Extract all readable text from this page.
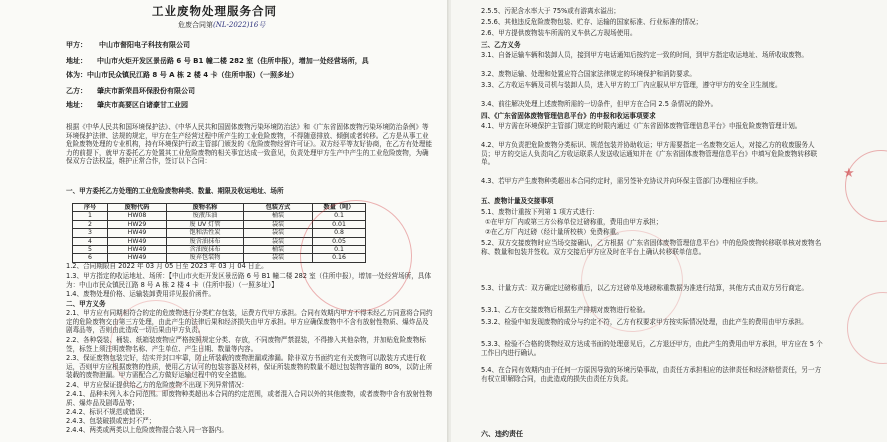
工业废物处理服务合同
危废合同第(NL-2022)16号
甲方： 中山市督阳电子科技有限公司
地址： 中山市火炬开发区景岳路 6 号 B1 幢二楼 282 室（住所申报），增加一处经营场所，具
体为：中山市民众镇民江路 8 号 A 栋 2 楼 4 卡（住所申报）（一照多址）
乙方： 肇庆市新荣昌环保股份有限公司
地址： 肇庆市高要区白诸豪甘工业园
根据《中华人民共和国环境保护法》、《中华人民共和国固体废物污染环境防治法》和《广东省固体废物污染环境防治条例》等环境保护法律、法规的规定，甲方在生产经营过程中所产生的工业危险废物，不得随意排放、倾倒或者转移。乙方是从事工业危险废物处理的专业机构，持有环境保护行政主管部门颁发的《危险废物经营许可证》。双方经平等友好协商，在乙方有处理能力的前提下，就甲方委托乙方处置其工业危险废物的相关事宜达成一致意见，负责处理甲方生产中产生的工业危险废物，为确保双方合法权益，维护正常合作，签订以下合同：
一、甲方委托乙方处理的工业危险废物种类、数量、期限及收运地址、场所
序号	废物代码	废物名称	包装方式	数量（吨）
1	HW08	废液压油	桶装	0.1
2	HW29	废 UV 灯管	袋装	0.01
3	HW49	饱和活性炭	袋装	0.8
4	HW49	废含油抹布	袋装	0.05
5	HW49	含油废抹布	桶装	0.1
6	HW49	废弃包装物	袋装	0.16
1.2、合同期限自 2022 年 03 月 05 日至 2023 年 03 月 04 日止。
1.3、甲方指定的收运地址、场所：【中山市火炬开发区景岳路 6 号 B1 幢二楼 282 室（住所申报），增加一处经营场所，具体为：中山市民众镇民江路 8 号 A 栋 2 楼 4 卡（住所申报）（一照多址）】
1.4、废物处理价格、运输装卸费用详见报价函件。
二、甲方义务
2.1、甲方应有同期相符合的定的危废物进行分类贮存包装，运费方代甲方承担。合同有效期内甲方不得未经乙方同意将合同约定的危险废物交由第三方处理，由此产生的法律后果和经济损失由甲方承担。甲方应确保废物中不含有放射性物质、爆炸品及剧毒品等，否则由此造成一切后果由甲方负责。
2.2、各种袋装、桶装、纸箱装废物应严格按照规定分类、存放，不同废物严禁混装，不得掺入其他杂物，并加贴危险废物标签，标签上须注明废物名称、产生单位、产生日期、数量等内容。
2.3、保证废物包装完好，结实并封口牢靠，防止所装载的废物泄漏或渗漏。除非双方书面约定有关废物可以散装方式进行收运，否则甲方应根据废物的性质，使用乙方认可的包装容器及材料，保证所装废物的数量不超过包装物容量的 80%，以防止所装载的废物泄漏。甲方需配合乙方做好运输过程中的安全措施。
2.4、甲方应保证提供给乙方的危险废物不出现下列异常情况：
2.4.1、品种未列入本合同范围。即废物种类超出本合同的约定范围，或者混入合同以外的其他废物，或者废物中含有放射性物质、爆炸品及剧毒品等；
2.4.2、标识不规范或错误；
2.4.3、包装破损或密封不严；
2.4.4、两类或两类以上危险废物混合装入同一容器内。
2.5.5、污泥含水率大于 75%或有游离水溢出；
2.5.6、其他违反危险废物包装、贮存、运输的国家标准、行业标准的情况；
2.6、甲方提供废物装车所需的叉车供乙方现场使用。
三、乙方义务
3.1、自备运输车辆和装卸人员，接到甲方电话通知后按约定一致的时间，到甲方指定收运地址、场所收取废物。
3.2、废物运输、处理和处置应符合国家法律规定的环境保护和消防要求。
3.3、乙方收运车辆及司机与装卸人员，进入甲方的工厂内应服从甲方管理，遵守甲方的安全卫生制度。
3.4、前往解决处理上述废物所需的一切条件，但甲方在合同 2.5 条情况的除外。
四、《广东省固体废物管理信息平台》的申报和收运事项要求
4.1、甲方需在环境保护主管部门规定的时限内通过《广东省固体废物管理信息平台》申报危险废物管理计划。
4.2、甲方负责把危险废物分类标识、规范包装并协助收运；甲方需要指定一名废物交运人，对接乙方的收废服务人员；甲方的交运人负责向乙方收运联系人发送收运通知并在《广东省固体废物管理信息平台》中填写危险废物转移联单。
4.3、若甲方产生废物种类超出本合同约定时，需另签补充协议并向环保主管部门办理相应手续。
五、废物计量及交接事项
5.1、废物计重按下列第 1 项方式进行：
①在甲方厂内或第三方公称单位过磅称重，费用由甲方承担；
②在乙方厂内过磅（经计量所校核）免费称重。
5.2、双方交接废物时应当场交接确认，乙方根据《广东省固体废物管理信息平台》中的危险废物转移联单核对废物名称、数量和包装并签收。双方交接后甲方应及时在平台上确认转移联单信息。
5.3、计量方式：双方确定过磅称重后，以乙方过磅单及地磅称重数据为准进行结算，其他方式由双方另行商定。
5.3.1、乙方在交接废物后根据生产排期对废物进行检验。
5.3.2、检验中如发现废物的成分与约定不符，乙方有权要求甲方按实际情况处理，由此产生的费用由甲方承担。
5.3.3、检验不合格的货物经双方达成书面的处理意见后，乙方退还甲方，由此产生的费用由甲方承担，甲方应在 5 个工作日内进行确认。
5.4、在合同有效期内由于任何一方原因导致的环境污染事故，由责任方承担相应的法律责任和经济赔偿责任，另一方有权立即解除合同，由此造成的损失由责任方负责。
六、违约责任
★
